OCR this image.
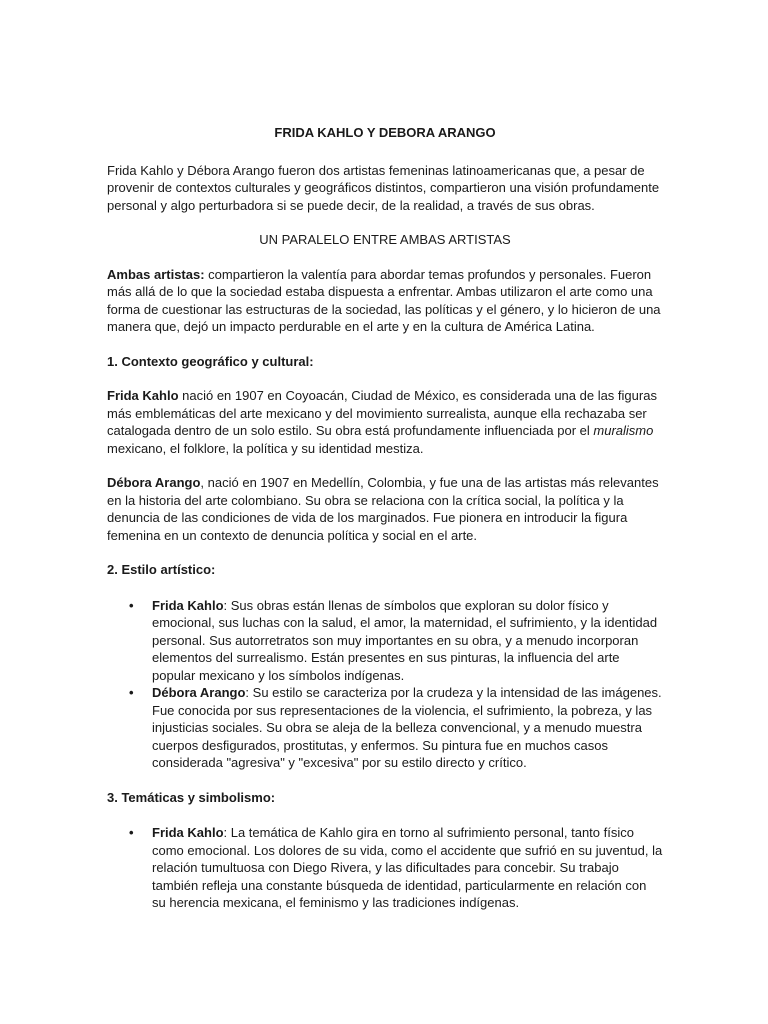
FRIDA KAHLO Y DEBORA ARANGO

Frida Kahlo y Débora Arango fueron dos artistas femeninas latinoamericanas que, a pesar de provenir de contextos culturales y geográficos distintos, compartieron una visión profundamente personal y algo perturbadora si se puede decir, de la realidad, a través de sus obras.

UN PARALELO ENTRE AMBAS ARTISTAS

Ambas artistas: compartieron la valentía para abordar temas profundos y personales. Fueron más allá de lo que la sociedad estaba dispuesta a enfrentar. Ambas utilizaron el arte como una forma de cuestionar las estructuras de la sociedad, las políticas y el género, y lo hicieron de una manera que, dejó un impacto perdurable en el arte y en la cultura de América Latina.

1. Contexto geográfico y cultural:

Frida Kahlo nació en 1907 en Coyoacán, Ciudad de México, es considerada una de las figuras más emblemáticas del arte mexicano y del movimiento surrealista, aunque ella rechazaba ser catalogada dentro de un solo estilo. Su obra está profundamente influenciada por el muralismo mexicano, el folklore, la política y su identidad mestiza.

Débora Arango, nació en 1907 en Medellín, Colombia, y fue una de las artistas más relevantes en la historia del arte colombiano. Su obra se relaciona con la crítica social, la política y la denuncia de las condiciones de vida de los marginados. Fue pionera en introducir la figura femenina en un contexto de denuncia política y social en el arte.

2. Estilo artístico:
• Frida Kahlo: Sus obras están llenas de símbolos que exploran su dolor físico y emocional, sus luchas con la salud, el amor, la maternidad, el sufrimiento, y la identidad personal. Sus autorretratos son muy importantes en su obra, y a menudo incorporan elementos del surrealismo. Están presentes en sus pinturas, la influencia del arte popular mexicano y los símbolos indígenas.
• Débora Arango: Su estilo se caracteriza por la crudeza y la intensidad de las imágenes. Fue conocida por sus representaciones de la violencia, el sufrimiento, la pobreza, y las injusticias sociales. Su obra se aleja de la belleza convencional, y a menudo muestra cuerpos desfigurados, prostitutas, y enfermos. Su pintura fue en muchos casos considerada "agresiva" y "excesiva" por su estilo directo y crítico.
3. Temáticas y simbolismo:
• Frida Kahlo: La temática de Kahlo gira en torno al sufrimiento personal, tanto físico como emocional. Los dolores de su vida, como el accidente que sufrió en su juventud, la relación tumultuosa con Diego Rivera, y las dificultades para concebir. Su trabajo también refleja una constante búsqueda de identidad, particularmente en relación con su herencia mexicana, el feminismo y las tradiciones indígenas.
